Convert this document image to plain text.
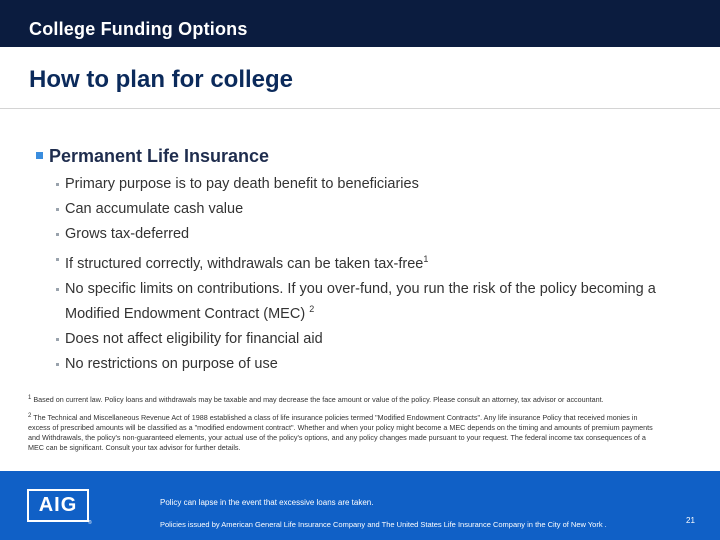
College Funding Options
How to plan for college
Permanent Life Insurance
Primary purpose is to pay death benefit to beneficiaries
Can accumulate cash value
Grows tax-deferred
If structured correctly, withdrawals can be taken tax-free$^1$
No specific limits on contributions. If you over-fund, you run the risk of the policy becoming a Modified Endowment Contract (MEC) $^2$
Does not affect eligibility for financial aid
No restrictions on purpose of use

$^1$ Based on current law. Policy loans and withdrawals may be taxable and may decrease the face amount or value of the policy. Please consult an attorney, tax advisor or accountant.

$^2$ The Technical and Miscellaneous Revenue Act of 1988 established a class of life insurance policies termed "Modified Endowment Contracts". Any life insurance Policy that received monies in excess of prescribed amounts will be classified as a "modified endowment contract". Whether and when your policy might become a MEC depends on the timing and amounts of premium payments and Withdrawals, the policy's non-guaranteed elements, your actual use of the policy's options, and any policy changes made pursuant to your request. The federal income tax consequences of a MEC can be significant. Consult your tax advisor for further details.

AIG
®
Policy can lapse in the event that excessive loans are taken.
Policies issued by American General Life Insurance Company and The United States Life Insurance Company in the City of New York .	21
